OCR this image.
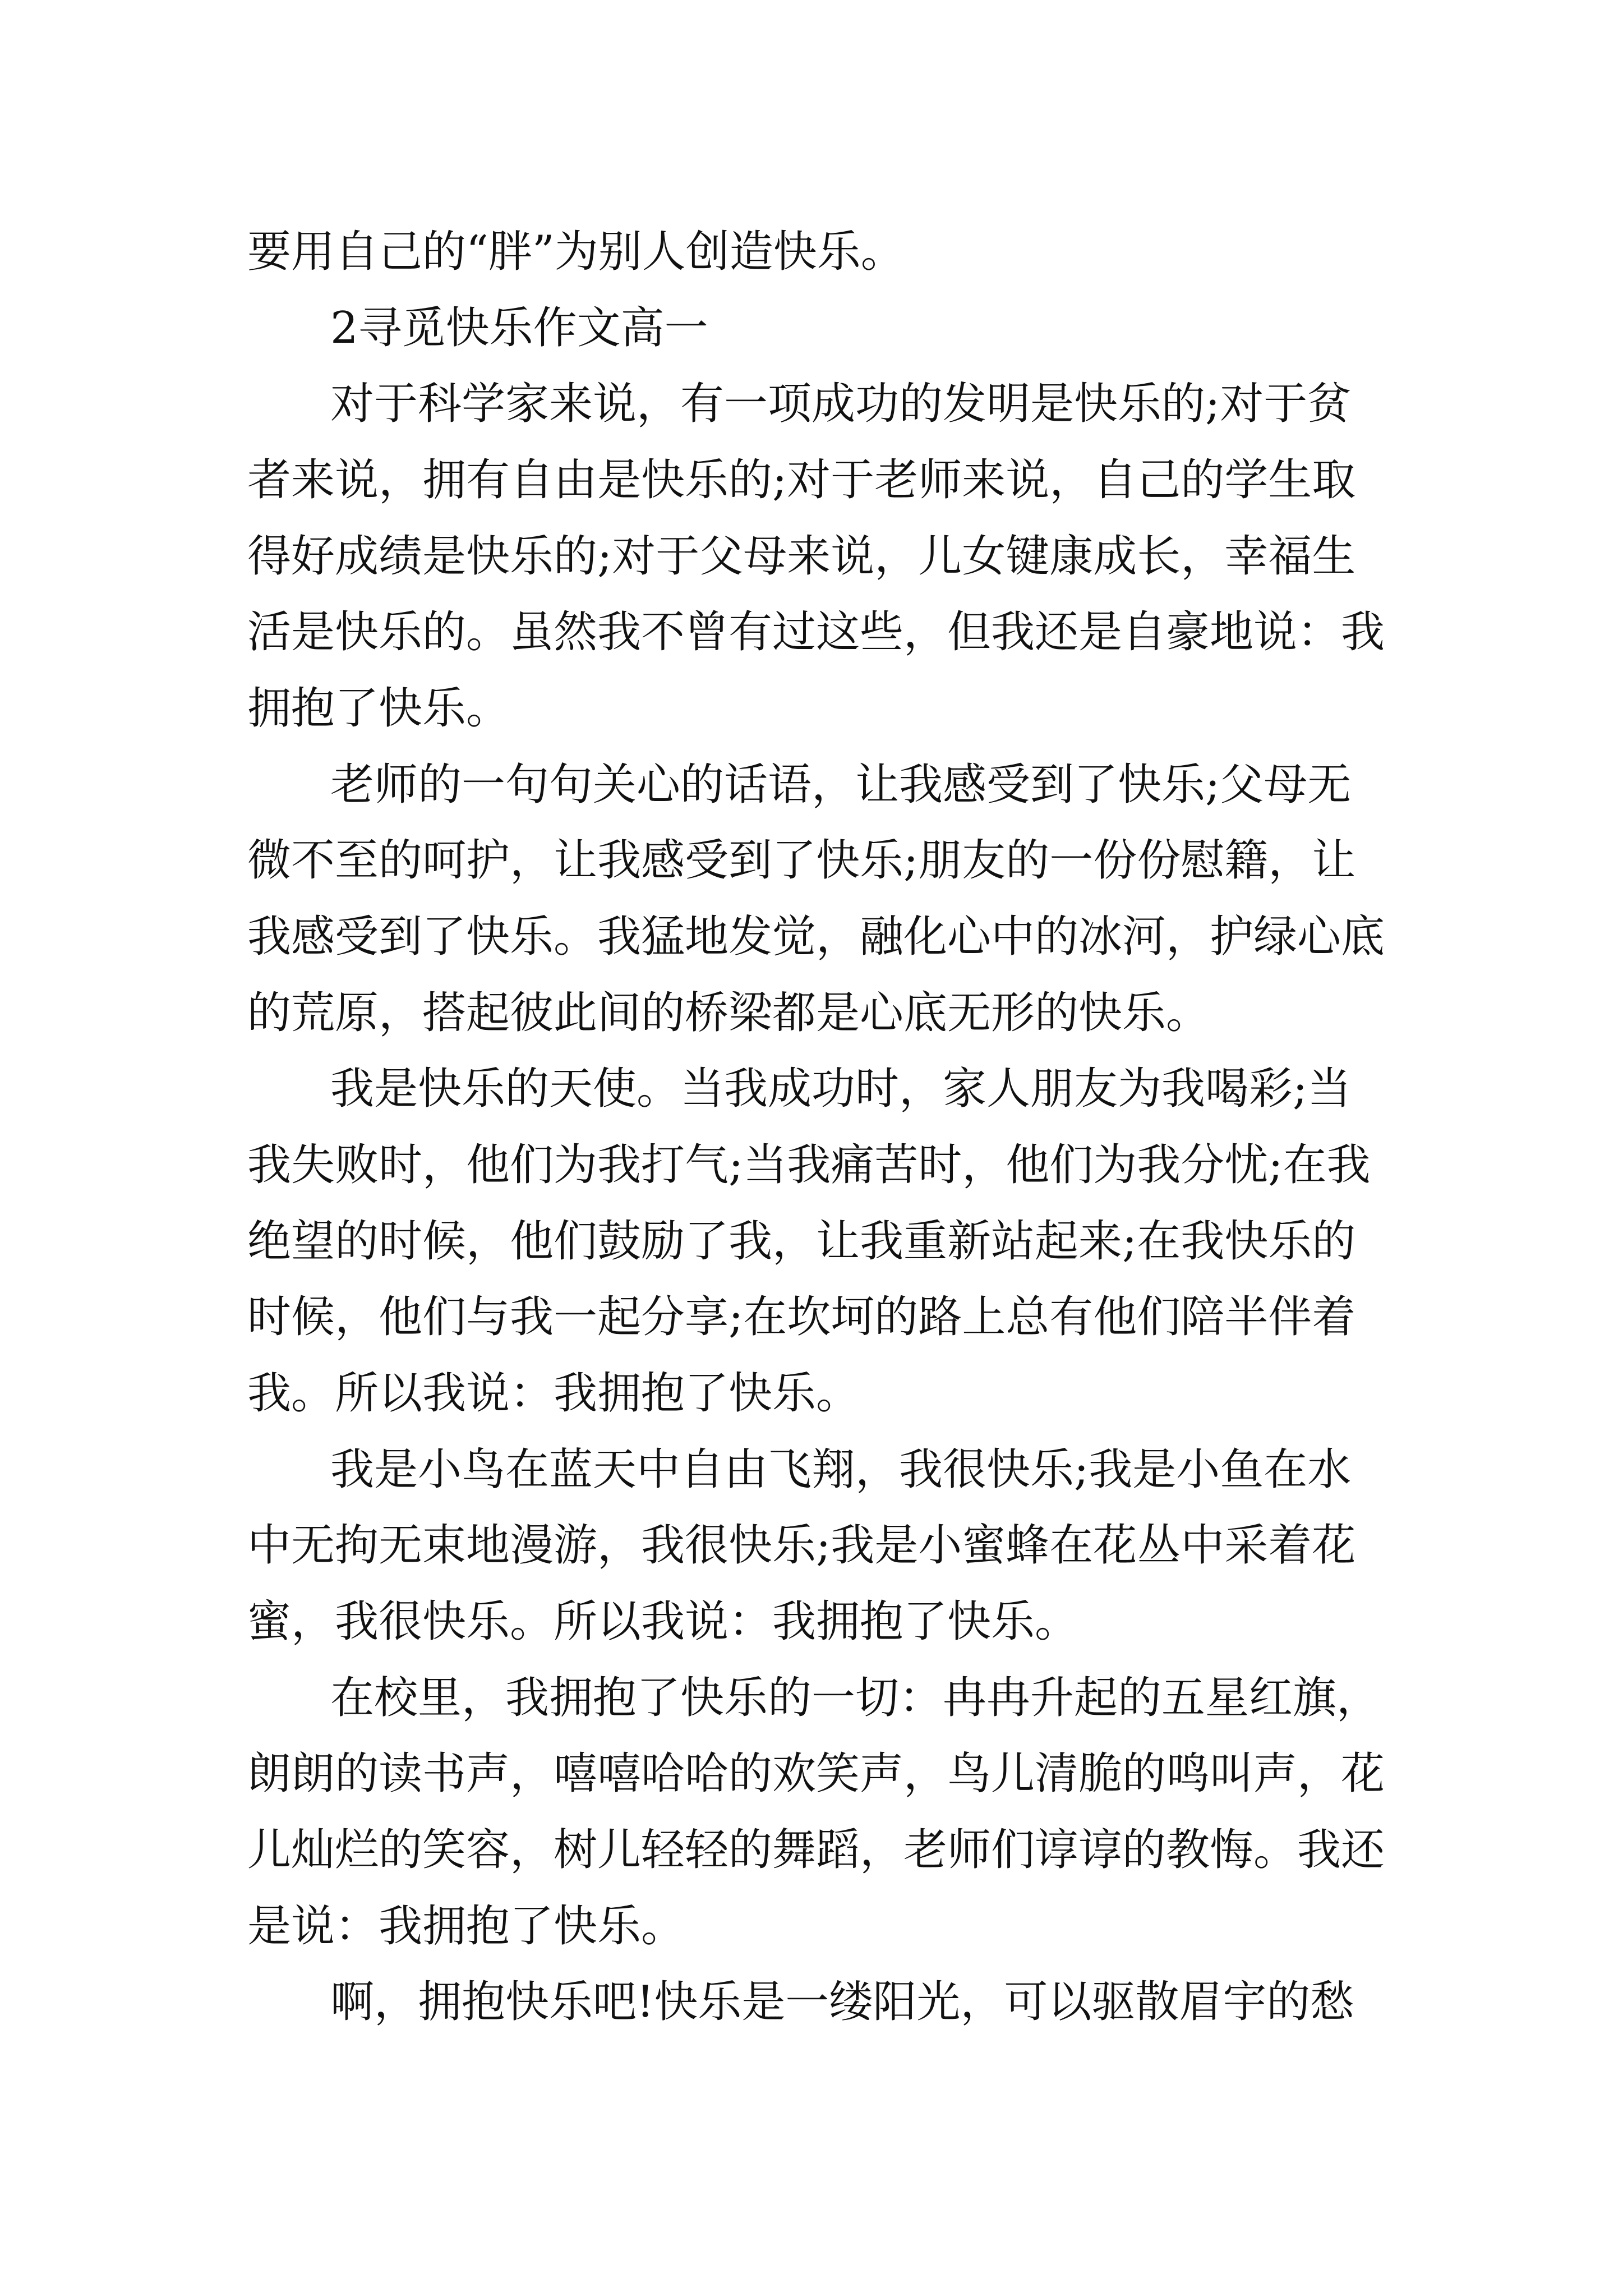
要用自己的“胖”为别人创造快乐。

2寻觅快乐作文高一

对于科学家来说，有一项成功的发明是快乐的;对于贫

者来说，拥有自由是快乐的;对于老师来说，自己的学生取

得好成绩是快乐的;对于父母来说，儿女键康成长，幸福生

活是快乐的。虽然我不曾有过这些，但我还是自豪地说：我

拥抱了快乐。

老师的一句句关心的话语，让我感受到了快乐;父母无

微不至的呵护，让我感受到了快乐;朋友的一份份慰籍，让

我感受到了快乐。我猛地发觉，融化心中的冰河，护绿心底

的荒原，搭起彼此间的桥梁都是心底无形的快乐。

我是快乐的天使。当我成功时，家人朋友为我喝彩;当

我失败时，他们为我打气;当我痛苦时，他们为我分忧;在我

绝望的时候，他们鼓励了我，让我重新站起来;在我快乐的

时候，他们与我一起分享;在坎坷的路上总有他们陪半伴着

我。所以我说：我拥抱了快乐。

我是小鸟在蓝天中自由飞翔，我很快乐;我是小鱼在水

中无拘无束地漫游，我很快乐;我是小蜜蜂在花丛中采着花

蜜，我很快乐。所以我说：我拥抱了快乐。

在校里，我拥抱了快乐的一切：冉冉升起的五星红旗，

朗朗的读书声，嘻嘻哈哈的欢笑声，鸟儿清脆的鸣叫声，花

儿灿烂的笑容，树儿轻轻的舞蹈，老师们谆谆的教悔。我还

是说：我拥抱了快乐。

啊，拥抱快乐吧!快乐是一缕阳光，可以驱散眉宇的愁
